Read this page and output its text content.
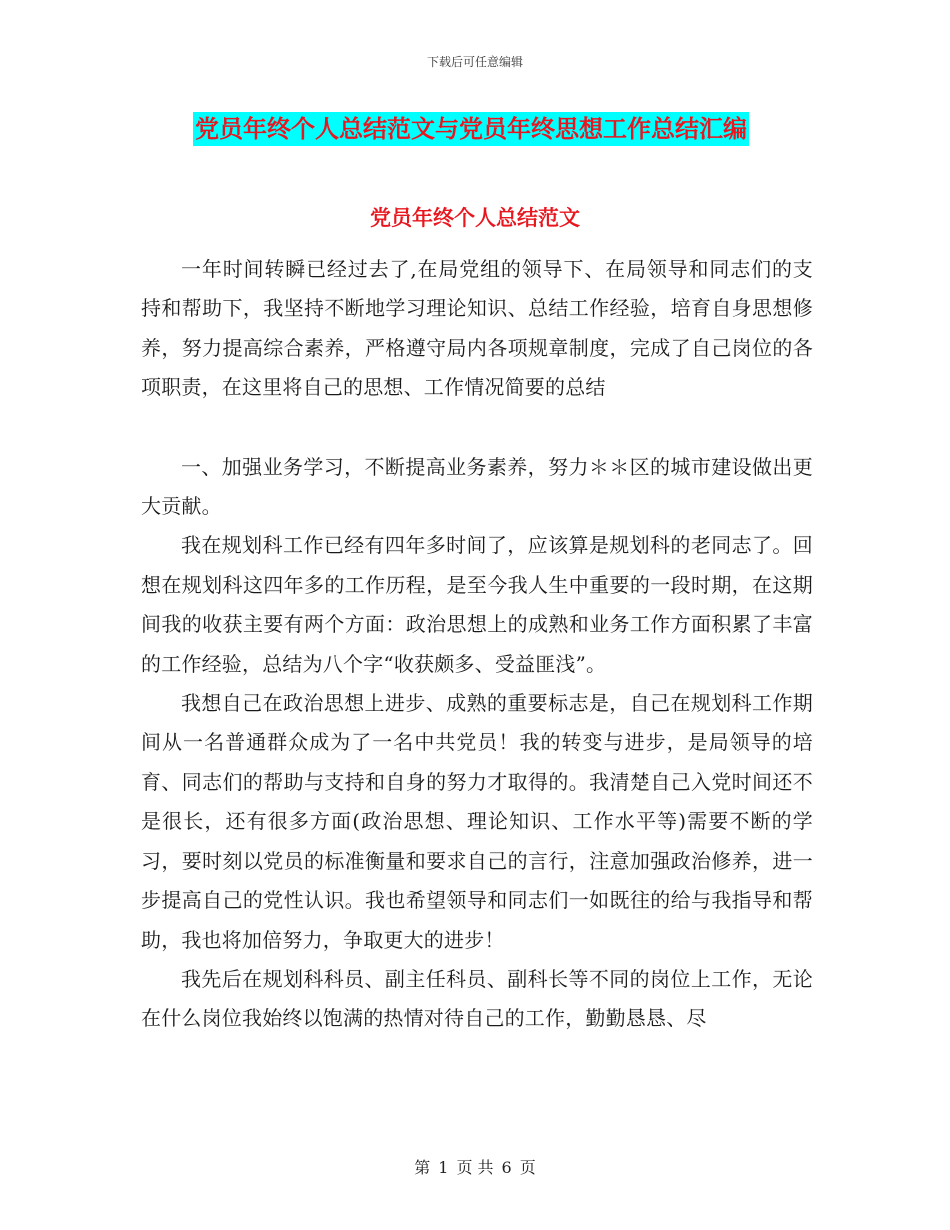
下载后可任意编辑
党员年终个人总结范文与党员年终思想工作总结汇编
党员年终个人总结范文

一年时间转瞬已经过去了,在局党组的领导下、在局领导和同志们的支持和帮助下，我坚持不断地学习理论知识、总结工作经验，培育自身思想修养，努力提高综合素养，严格遵守局内各项规章制度，完成了自己岗位的各项职责，在这里将自己的思想、工作情况简要的总结

一、加强业务学习，不断提高业务素养，努力＊＊区的城市建设做出更大贡献。

我在规划科工作已经有四年多时间了，应该算是规划科的老同志了。回想在规划科这四年多的工作历程，是至今我人生中重要的一段时期，在这期间我的收获主要有两个方面：政治思想上的成熟和业务工作方面积累了丰富的工作经验，总结为八个字“收获颇多、受益匪浅”。

我想自己在政治思想上进步、成熟的重要标志是，自己在规划科工作期间从一名普通群众成为了一名中共党员！我的转变与进步，是局领导的培育、同志们的帮助与支持和自身的努力才取得的。我清楚自己入党时间还不是很长，还有很多方面(政治思想、理论知识、工作水平等)需要不断的学习，要时刻以党员的标准衡量和要求自己的言行，注意加强政治修养，进一步提高自己的党性认识。我也希望领导和同志们一如既往的给与我指导和帮助，我也将加倍努力，争取更大的进步！

我先后在规划科科员、副主任科员、副科长等不同的岗位上工作，无论在什么岗位我始终以饱满的热情对待自己的工作，勤勤恳恳、尽

第 1 页 共 6 页
